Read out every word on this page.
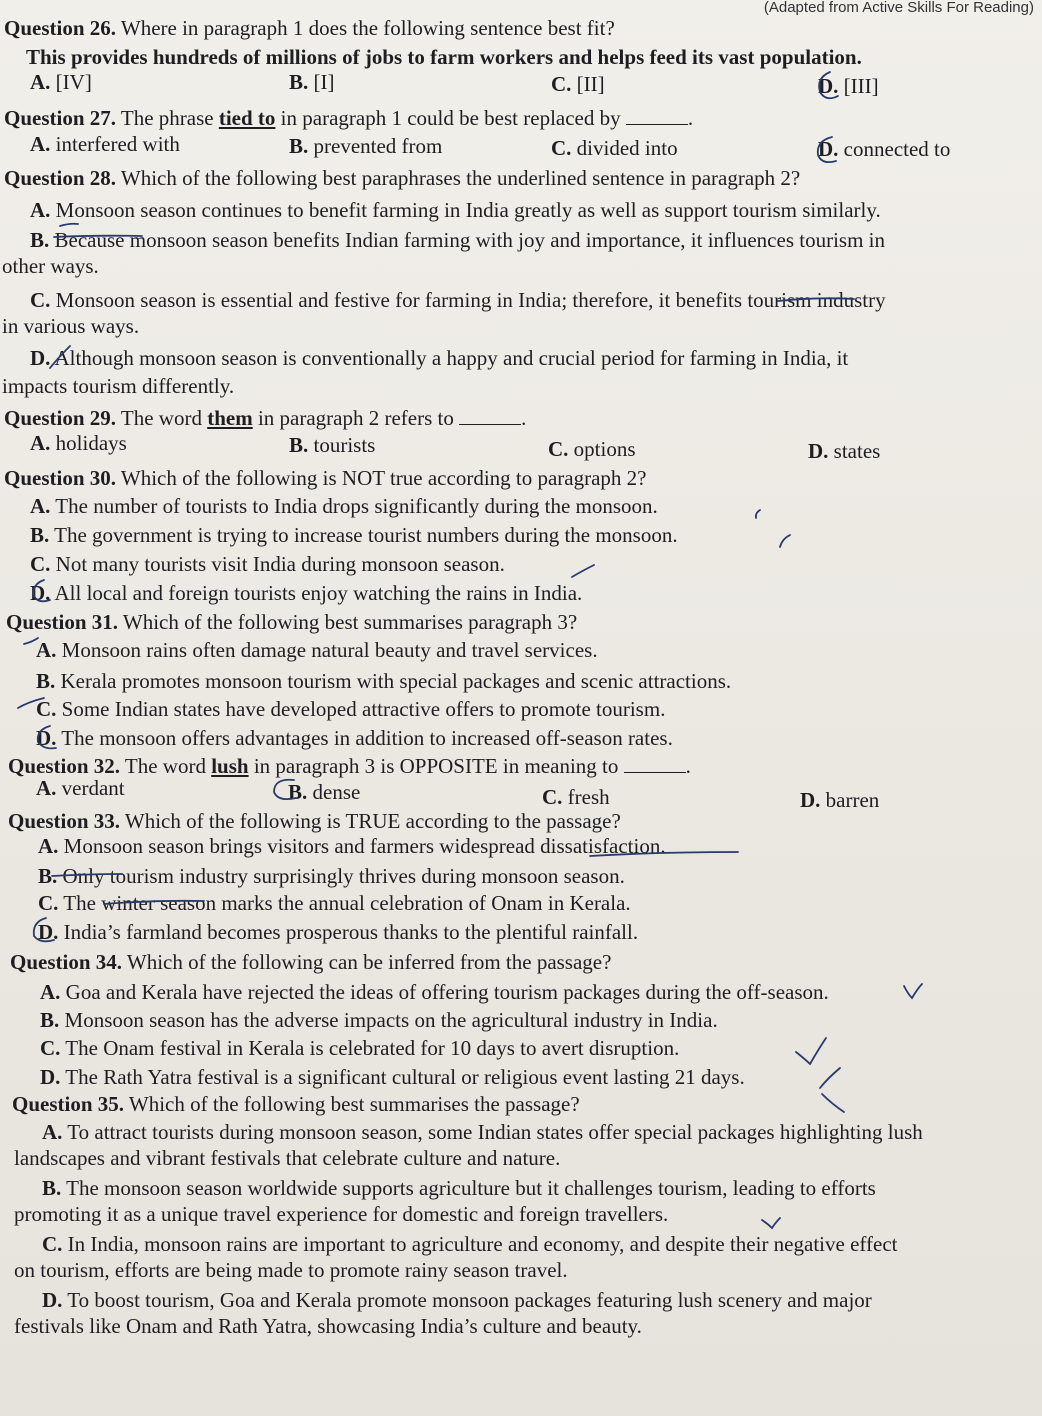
(Adapted from Active Skills For Reading)
Question 26. Where in paragraph 1 does the following sentence best fit?
This provides hundreds of millions of jobs to farm workers and helps feed its vast population.
A. [IV]	B. [I]	C. [II]	D. [III]
Question 27. The phrase tied to in paragraph 1 could be best replaced by	.
A. interfered with	B. prevented from	C. divided into	D. connected to
Question 28. Which of the following best paraphrases the underlined sentence in paragraph 2?
A. Monsoon season continues to benefit farming in India greatly as well as support tourism similarly.
B. Because monsoon season benefits Indian farming with joy and importance, it influences tourism in
other ways.
C. Monsoon season is essential and festive for farming in India; therefore, it benefits tourism industry
in various ways.
D. Although monsoon season is conventionally a happy and crucial period for farming in India, it
impacts tourism differently.
Question 29. The word them in paragraph 2 refers to	.
A. holidays	B. tourists	C. options	D. states
Question 30. Which of the following is NOT true according to paragraph 2?
A. The number of tourists to India drops significantly during the monsoon.
B. The government is trying to increase tourist numbers during the monsoon.
C. Not many tourists visit India during monsoon season.
D. All local and foreign tourists enjoy watching the rains in India.
Question 31. Which of the following best summarises paragraph 3?
A. Monsoon rains often damage natural beauty and travel services.
B. Kerala promotes monsoon tourism with special packages and scenic attractions.
C. Some Indian states have developed attractive offers to promote tourism.
D. The monsoon offers advantages in addition to increased off-season rates.
Question 32. The word lush in paragraph 3 is OPPOSITE in meaning to	.
A. verdant	B. dense	C. fresh	D. barren
Question 33. Which of the following is TRUE according to the passage?
A. Monsoon season brings visitors and farmers widespread dissatisfaction.
B. Only tourism industry surprisingly thrives during monsoon season.
C. The winter season marks the annual celebration of Onam in Kerala.
D. India’s farmland becomes prosperous thanks to the plentiful rainfall.
Question 34. Which of the following can be inferred from the passage?
A. Goa and Kerala have rejected the ideas of offering tourism packages during the off-season.
B. Monsoon season has the adverse impacts on the agricultural industry in India.
C. The Onam festival in Kerala is celebrated for 10 days to avert disruption.
D. The Rath Yatra festival is a significant cultural or religious event lasting 21 days.
Question 35. Which of the following best summarises the passage?
A. To attract tourists during monsoon season, some Indian states offer special packages highlighting lush
landscapes and vibrant festivals that celebrate culture and nature.
B. The monsoon season worldwide supports agriculture but it challenges tourism, leading to efforts
promoting it as a unique travel experience for domestic and foreign travellers.
C. In India, monsoon rains are important to agriculture and economy, and despite their negative effect
on tourism, efforts are being made to promote rainy season travel.
D. To boost tourism, Goa and Kerala promote monsoon packages featuring lush scenery and major
festivals like Onam and Rath Yatra, showcasing India’s culture and beauty.
